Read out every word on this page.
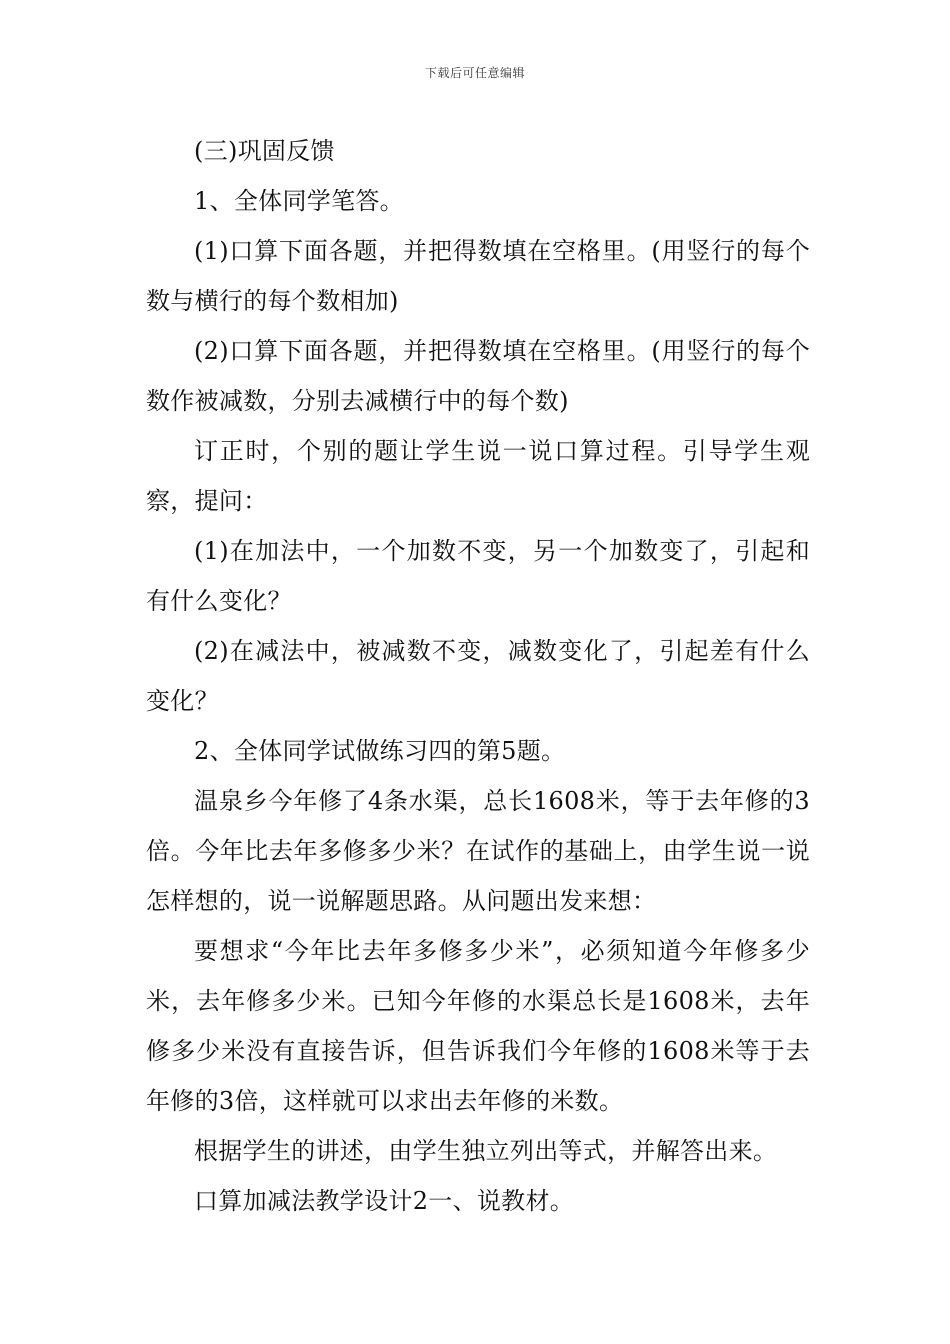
下载后可任意编辑

(三)巩固反馈

1、全体同学笔答。

(1)口算下面各题，并把得数填在空格里。(用竖行的每个数与横行的每个数相加)

(2)口算下面各题，并把得数填在空格里。(用竖行的每个数作被减数，分别去减横行中的每个数)

订正时，个别的题让学生说一说口算过程。引导学生观察，提问：

(1)在加法中，一个加数不变，另一个加数变了，引起和有什么变化？

(2)在减法中，被减数不变，减数变化了，引起差有什么变化？

2、全体同学试做练习四的第5题。

温泉乡今年修了4条水渠，总长1608米，等于去年修的3倍。今年比去年多修多少米？在试作的基础上，由学生说一说怎样想的，说一说解题思路。从问题出发来想：

要想求“今年比去年多修多少米”，必须知道今年修多少米，去年修多少米。已知今年修的水渠总长是1608米，去年修多少米没有直接告诉，但告诉我们今年修的1608米等于去年修的3倍，这样就可以求出去年修的米数。

根据学生的讲述，由学生独立列出等式，并解答出来。

口算加减法教学设计2一、说教材。
